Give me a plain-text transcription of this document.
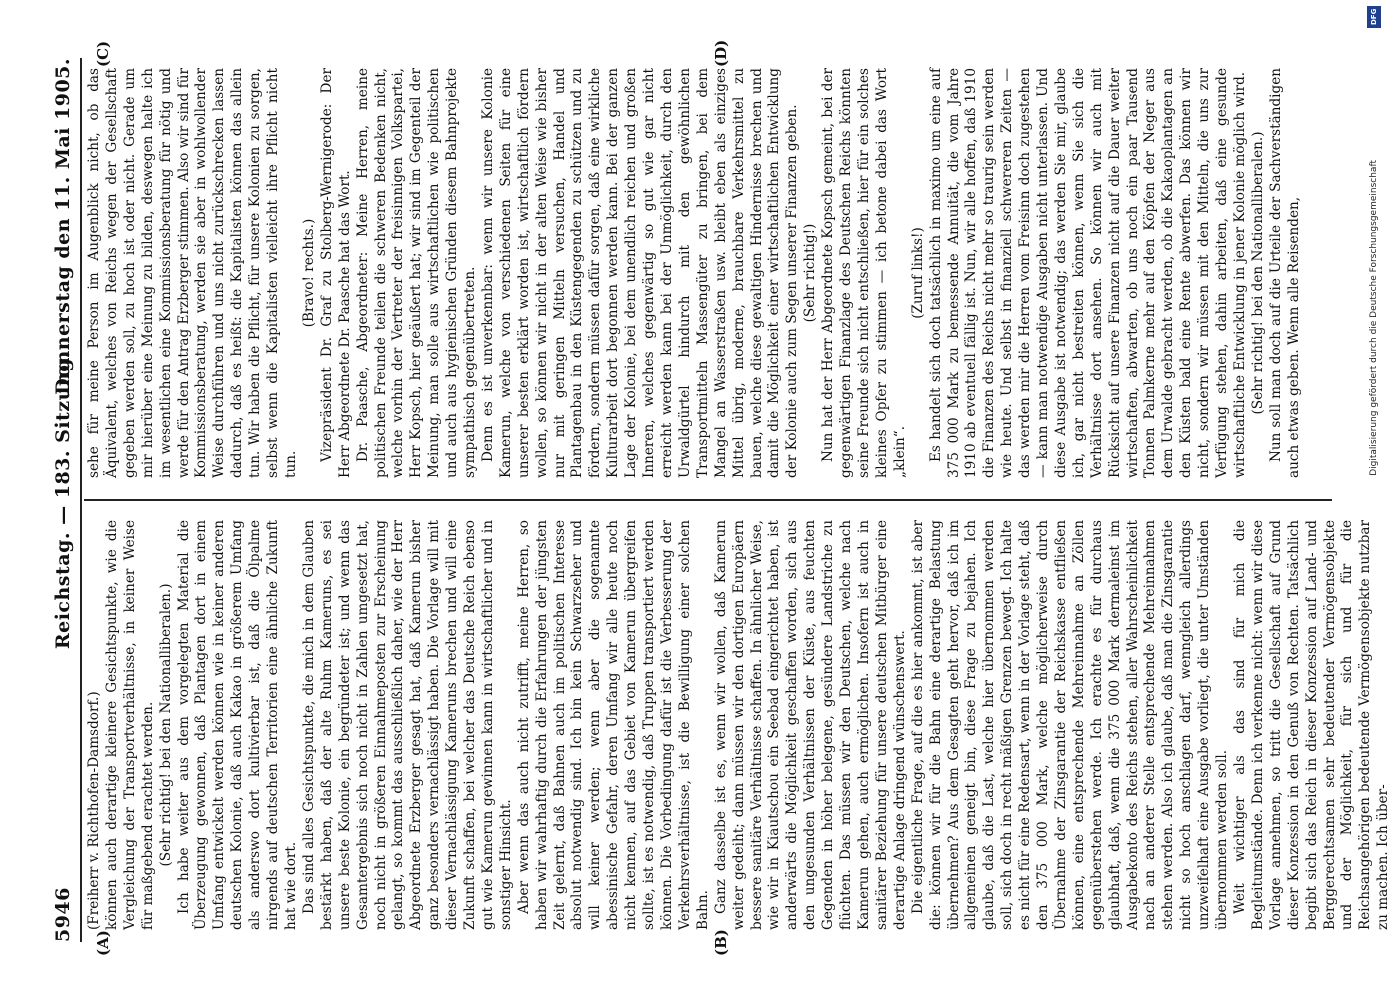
5946
Reichstag. — 183. Sitzung.
Donnerstag den 11. Mai 1905.
(A)	(B)
(C)	(D)

(Freiherr v. Richthofen-Damsdorf.) können auch derartige kleinere Gesichtspunkte, wie die Vergleichung der Transportverhältnisse, in keiner Weise für maßgebend erachtet werden. (Sehr richtig! bei den Nationalliberalen.) Ich habe weiter aus dem vorgelegten Material die Überzeugung gewonnen, daß Plantagen dort in einem Umfang entwickelt werden können wie in keiner anderen deutschen Kolonie, daß auch Kakao in größerem Umfang als anderswo dort kultivierbar ist, daß die Ölpalme nirgends auf deutschen Territorien eine ähnliche Zukunft hat wie dort. Das sind alles Gesichtspunkte, die mich in dem Glauben bestärkt haben, daß der alte Ruhm Kameruns, es sei unsere beste Kolonie, ein begründeter ist; und wenn das Gesamtergebnis sich noch nicht in Zahlen umgesetzt hat, noch nicht in größeren Einnahmeposten zur Erscheinung gelangt, so kommt das ausschließlich daher, wie der Herr Abgeordnete Erzberger gesagt hat, daß Kamerun bisher ganz besonders vernachlässigt haben. Die Vorlage will mit dieser Vernachlässigung Kameruns brechen und will eine Zukunft schaffen, bei welcher das Deutsche Reich ebenso gut wie Kamerun gewinnen kann in wirtschaftlicher und in sonstiger Hinsicht. Aber wenn das auch nicht zutrifft, meine Herren, so haben wir wahrhaftig durch die Erfahrungen der jüngsten Zeit gelernt, daß Bahnen auch im politischen Interesse absolut notwendig sind. Ich bin kein Schwarzseher und will keiner werden; wenn aber die sogenannte abessinische Gefahr, deren Umfang wir alle heute noch nicht kennen, auf das Gebiet von Kamerun übergreifen sollte, ist es notwendig, daß Truppen transportiert werden können. Die Vorbedingung dafür ist die Verbesserung der Verkehrsverhältnisse, ist die Bewilligung einer solchen Bahn. Ganz dasselbe ist es, wenn wir wollen, daß Kamerun weiter gedeiht; dann müssen wir den dortigen Europäern bessere sanitäre Verhältnisse schaffen. In ähnlicher Weise, wie wir in Kiautschou ein Seebad eingerichtet haben, ist anderwärts die Möglichkeit geschaffen worden, sich aus den ungesunden Verhältnissen der Küste, aus feuchten Gegenden in höher belegene, gesündere Landstriche zu flüchten. Das müssen wir den Deutschen, welche nach Kamerun gehen, auch ermöglichen. Insofern ist auch in sanitärer Beziehung für unsere deutschen Mitbürger eine derartige Anlage dringend wünschenswert. Die eigentliche Frage, auf die es hier ankommt, ist aber die: können wir für die Bahn eine derartige Belastung übernehmen? Aus dem Gesagten geht hervor, daß ich im allgemeinen geneigt bin, diese Frage zu bejahen. Ich glaube, daß die Last, welche hier übernommen werden soll, sich doch in recht mäßigen Grenzen bewegt. Ich halte es nicht für eine Redensart, wenn in der Vorlage steht, daß den 375 000 Mark, welche möglicherweise durch Übernahme der Zinsgarantie der Reichskasse entfließen können, eine entsprechende Mehreinnahme an Zöllen gegenüberstehen werde. Ich erachte es für durchaus glaubhaft, daß, wenn die 375 000 Mark dermaleinst im Ausgabekonto des Reichs stehen, aller Wahrscheinlichkeit nach an anderer Stelle entsprechende Mehreinnahmen stehen werden. Also ich glaube, daß man die Zinsgarantie nicht so hoch anschlagen darf, wenngleich allerdings unzweifelhaft eine Ausgabe vorliegt, die unter Umständen übernommen werden soll. Weit wichtiger als das sind für mich die Begleitumstände. Denn ich verkenne nicht: wenn wir diese Vorlage annehmen, so tritt die Gesellschaft auf Grund dieser Konzession in den Genuß von Rechten. Tatsächlich begibt sich das Reich in dieser Konzession auf Land- und Berggerechtsamen sehr bedeutender Vermögensobjekte und der Möglichkeit, für sich und für die Reichsangehörigen bedeutende Vermögensobjekte nutzbar zu machen. Ich über-

sehe für meine Person im Augenblick nicht, ob das Äquivalent, welches von Reichs wegen der Gesellschaft gegeben werden soll, zu hoch ist oder nicht. Gerade um mir hierüber eine Meinung zu bilden, deswegen halte ich im wesentlichen eine Kommissionsberatung für nötig und werde für den Antrag Erzberger stimmen. Also wir sind für Kommissionsberatung, werden sie aber in wohlwollender Weise durchführen und uns nicht zurückschrecken lassen dadurch, daß es heißt: die Kapitalisten können das allein tun. Wir haben die Pflicht, für unsere Kolonien zu sorgen, selbst wenn die Kapitalisten vielleicht ihre Pflicht nicht tun.

(Bravo! rechts.) Vizepräsident Dr. Graf zu Stolberg-Wernigerode: Der Herr Abgeordnete Dr. Paasche hat das Wort. Dr. Paasche, Abgeordneter: Meine Herren, meine politischen Freunde teilen die schweren Bedenken nicht, welche vorhin der Vertreter der freisinnigen Volkspartei, Herr Kopsch, hier geäußert hat; wir sind im Gegenteil der Meinung, man solle aus wirtschaftlichen wie politischen und auch aus hygienischen Gründen diesem Bahnprojekte sympathisch gegenübertreten. Denn es ist unverkennbar: wenn wir unsere Kolonie Kamerun, welche von verschiedenen Seiten für eine unserer besten erklärt worden ist, wirtschaftlich fördern wollen, so können wir nicht in der alten Weise wie bisher nur mit geringen Mitteln versuchen, Handel und Plantagenbau in den Küstengegenden zu schützen und zu fördern, sondern müssen dafür sorgen, daß eine wirkliche Kulturarbeit dort begonnen werden kann. Bei der ganzen Lage der Kolonie, bei dem unendlich reichen und großen Inneren, welches gegenwärtig so gut wie gar nicht erreicht werden kann bei der Unmöglichkeit, durch den Urwaldgürtel hindurch mit den gewöhnlichen Transportmitteln Massengüter zu bringen, bei dem Mangel an Wasserstraßen usw. bleibt eben als einziges Mittel übrig, moderne, brauchbare Verkehrsmittel zu bauen, welche diese gewaltigen Hindernisse brechen und damit die Möglichkeit einer wirtschaftlichen Entwicklung der Kolonie auch zum Segen unserer Finanzen geben. (Sehr richtig!) Nun hat der Herr Abgeordnete Kopsch gemeint, bei der gegenwärtigen Finanzlage des Deutschen Reichs könnten seine Freunde sich nicht entschließen, hier für ein solches kleines Opfer zu stimmen — ich betone dabei das Wort „klein“.

(Zuruf links!) Es handelt sich doch tatsächlich in maximo um eine auf 375 000 Mark zu bemessende Annuität, die vom Jahre 1910 ab eventuell fällig ist. Nun, wir alle hoffen, daß 1910 die Finanzen des Reichs nicht mehr so traurig sein werden wie heute. Und selbst in finanziell schwereren Zeiten — das werden mir die Herren vom Freisinn doch zugestehen — kann man notwendige Ausgaben nicht unterlassen. Und diese Ausgabe ist notwendig; das werden Sie mir, glaube ich, gar nicht bestreiten können, wenn Sie sich die Verhältnisse dort ansehen. So können wir auch mit Rücksicht auf unsere Finanzen nicht auf die Dauer weiter wirtschaften, abwarten, ob uns noch ein paar Tausend Tonnen Palmkerne mehr auf den Köpfen der Neger aus dem Urwalde gebracht werden, ob die Kakaoplantagen an den Küsten bald eine Rente abwerfen. Das können wir nicht, sondern wir müssen mit den Mitteln, die uns zur Verfügung stehen, dahin arbeiten, daß eine gesunde wirtschaftliche Entwicklung in jener Kolonie möglich wird. (Sehr richtig! bei den Nationalliberalen.) Nun soll man doch auf die Urteile der Sachverständigen auch etwas geben. Wenn alle Reisenden,

DFG
Digitalisierung gefördert durch die Deutsche Forschungsgemeinschaft
